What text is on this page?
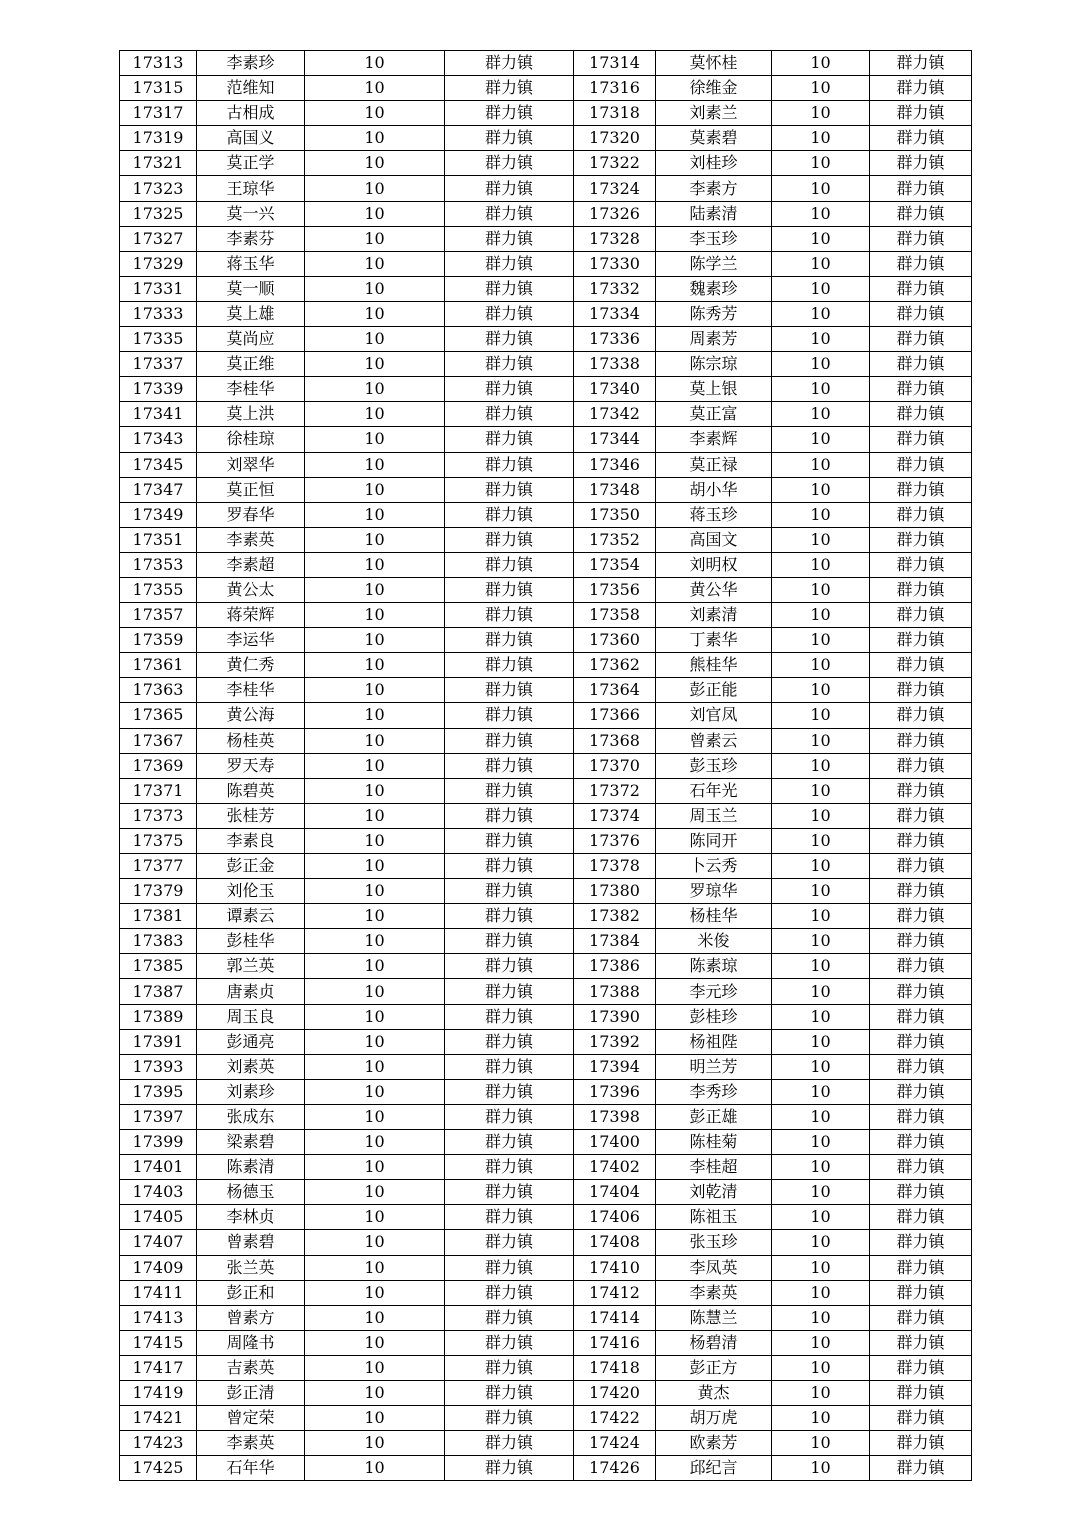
17313	李素珍	10	群力镇	17314	莫怀桂	10	群力镇
17315	范维知	10	群力镇	17316	徐维金	10	群力镇
17317	古相成	10	群力镇	17318	刘素兰	10	群力镇
17319	高国义	10	群力镇	17320	莫素碧	10	群力镇
17321	莫正学	10	群力镇	17322	刘桂珍	10	群力镇
17323	王琼华	10	群力镇	17324	李素方	10	群力镇
17325	莫一兴	10	群力镇	17326	陆素清	10	群力镇
17327	李素芬	10	群力镇	17328	李玉珍	10	群力镇
17329	蒋玉华	10	群力镇	17330	陈学兰	10	群力镇
17331	莫一顺	10	群力镇	17332	魏素珍	10	群力镇
17333	莫上雄	10	群力镇	17334	陈秀芳	10	群力镇
17335	莫尚应	10	群力镇	17336	周素芳	10	群力镇
17337	莫正维	10	群力镇	17338	陈宗琼	10	群力镇
17339	李桂华	10	群力镇	17340	莫上银	10	群力镇
17341	莫上洪	10	群力镇	17342	莫正富	10	群力镇
17343	徐桂琼	10	群力镇	17344	李素辉	10	群力镇
17345	刘翠华	10	群力镇	17346	莫正禄	10	群力镇
17347	莫正恒	10	群力镇	17348	胡小华	10	群力镇
17349	罗春华	10	群力镇	17350	蒋玉珍	10	群力镇
17351	李素英	10	群力镇	17352	高国文	10	群力镇
17353	李素超	10	群力镇	17354	刘明权	10	群力镇
17355	黄公太	10	群力镇	17356	黄公华	10	群力镇
17357	蒋荣辉	10	群力镇	17358	刘素清	10	群力镇
17359	李运华	10	群力镇	17360	丁素华	10	群力镇
17361	黄仁秀	10	群力镇	17362	熊桂华	10	群力镇
17363	李桂华	10	群力镇	17364	彭正能	10	群力镇
17365	黄公海	10	群力镇	17366	刘官凤	10	群力镇
17367	杨桂英	10	群力镇	17368	曾素云	10	群力镇
17369	罗天寿	10	群力镇	17370	彭玉珍	10	群力镇
17371	陈碧英	10	群力镇	17372	石年光	10	群力镇
17373	张桂芳	10	群力镇	17374	周玉兰	10	群力镇
17375	李素良	10	群力镇	17376	陈同开	10	群力镇
17377	彭正金	10	群力镇	17378	卜云秀	10	群力镇
17379	刘伦玉	10	群力镇	17380	罗琼华	10	群力镇
17381	谭素云	10	群力镇	17382	杨桂华	10	群力镇
17383	彭桂华	10	群力镇	17384	米俊	10	群力镇
17385	郭兰英	10	群力镇	17386	陈素琼	10	群力镇
17387	唐素贞	10	群力镇	17388	李元珍	10	群力镇
17389	周玉良	10	群力镇	17390	彭桂珍	10	群力镇
17391	彭通亮	10	群力镇	17392	杨祖陛	10	群力镇
17393	刘素英	10	群力镇	17394	明兰芳	10	群力镇
17395	刘素珍	10	群力镇	17396	李秀珍	10	群力镇
17397	张成东	10	群力镇	17398	彭正雄	10	群力镇
17399	梁素碧	10	群力镇	17400	陈桂菊	10	群力镇
17401	陈素清	10	群力镇	17402	李桂超	10	群力镇
17403	杨德玉	10	群力镇	17404	刘乾清	10	群力镇
17405	李林贞	10	群力镇	17406	陈祖玉	10	群力镇
17407	曾素碧	10	群力镇	17408	张玉珍	10	群力镇
17409	张兰英	10	群力镇	17410	李凤英	10	群力镇
17411	彭正和	10	群力镇	17412	李素英	10	群力镇
17413	曾素方	10	群力镇	17414	陈慧兰	10	群力镇
17415	周隆书	10	群力镇	17416	杨碧清	10	群力镇
17417	吉素英	10	群力镇	17418	彭正方	10	群力镇
17419	彭正清	10	群力镇	17420	黄杰	10	群力镇
17421	曾定荣	10	群力镇	17422	胡万虎	10	群力镇
17423	李素英	10	群力镇	17424	欧素芳	10	群力镇
17425	石年华	10	群力镇	17426	邱纪言	10	群力镇
